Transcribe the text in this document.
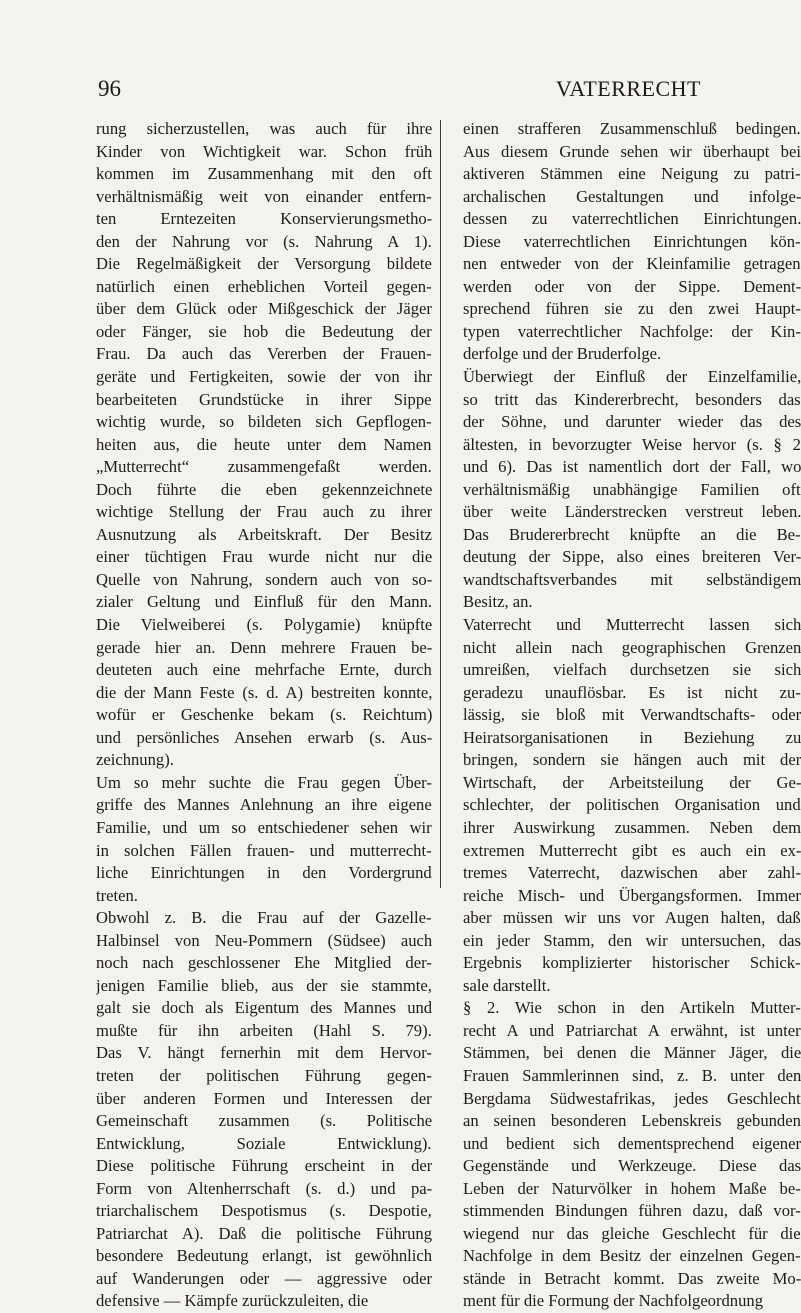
96	VATERRECHT
rung sicherzustellen, was auch für ihre
Kinder von Wichtigkeit war. Schon früh
kommen im Zusammenhang mit den oft
verhältnismäßig weit von einander entfern-
ten Erntezeiten Konservierungsmetho-
den der Nahrung vor (s. Nahrung A 1).
Die Regelmäßigkeit der Versorgung bildete
natürlich einen erheblichen Vorteil gegen-
über dem Glück oder Mißgeschick der Jäger
oder Fänger, sie hob die Bedeutung der
Frau. Da auch das Vererben der Frauen-
geräte und Fertigkeiten, sowie der von ihr
bearbeiteten Grundstücke in ihrer Sippe
wichtig wurde, so bildeten sich Gepflogen-
heiten aus, die heute unter dem Namen
„Mutterrecht“ zusammengefaßt werden.
Doch führte die eben gekennzeichnete
wichtige Stellung der Frau auch zu ihrer
Ausnutzung als Arbeitskraft. Der Besitz
einer tüchtigen Frau wurde nicht nur die
Quelle von Nahrung, sondern auch von so-
zialer Geltung und Einfluß für den Mann.
Die Vielweiberei (s. Polygamie) knüpfte
gerade hier an. Denn mehrere Frauen be-
deuteten auch eine mehrfache Ernte, durch
die der Mann Feste (s. d. A) bestreiten konnte,
wofür er Geschenke bekam (s. Reichtum)
und persönliches Ansehen erwarb (s. Aus-
zeichnung).
Um so mehr suchte die Frau gegen Über-
griffe des Mannes Anlehnung an ihre eigene
Familie, und um so entschiedener sehen wir
in solchen Fällen frauen- und mutterrecht-
liche Einrichtungen in den Vordergrund
treten.
Obwohl z. B. die Frau auf der Gazelle-
Halbinsel von Neu-Pommern (Südsee) auch
noch nach geschlossener Ehe Mitglied der-
jenigen Familie blieb, aus der sie stammte,
galt sie doch als Eigentum des Mannes und
mußte für ihn arbeiten (Hahl S. 79).
Das V. hängt fernerhin mit dem Hervor-
treten der politischen Führung gegen-
über anderen Formen und Interessen der
Gemeinschaft zusammen (s. Politische
Entwicklung, Soziale Entwicklung).
Diese politische Führung erscheint in der
Form von Altenherrschaft (s. d.) und pa-
triarchalischem Despotismus (s. Despotie,
Patriarchat A). Daß die politische Führung
besondere Bedeutung erlangt, ist gewöhnlich
auf Wanderungen oder — aggressive oder
defensive — Kämpfe zurückzuleiten, die
einen strafferen Zusammenschluß bedingen.
Aus diesem Grunde sehen wir überhaupt bei
aktiveren Stämmen eine Neigung zu patri-
archalischen Gestaltungen und infolge-
dessen zu vaterrechtlichen Einrichtungen.
Diese vaterrechtlichen Einrichtungen kön-
nen entweder von der Kleinfamilie getragen
werden oder von der Sippe. Dement-
sprechend führen sie zu den zwei Haupt-
typen vaterrechtlicher Nachfolge: der Kin-
derfolge und der Bruderfolge.
Überwiegt der Einfluß der Einzelfamilie,
so tritt das Kindererbrecht, besonders das
der Söhne, und darunter wieder das des
ältesten, in bevorzugter Weise hervor (s. § 2
und 6). Das ist namentlich dort der Fall, wo
verhältnismäßig unabhängige Familien oft
über weite Länderstrecken verstreut leben.
Das Brudererbrecht knüpfte an die Be-
deutung der Sippe, also eines breiteren Ver-
wandtschaftsverbandes mit selbständigem
Besitz, an.
Vaterrecht und Mutterrecht lassen sich
nicht allein nach geographischen Grenzen
umreißen, vielfach durchsetzen sie sich
geradezu unauflösbar. Es ist nicht zu-
lässig, sie bloß mit Verwandtschafts- oder
Heiratsorganisationen in Beziehung zu
bringen, sondern sie hängen auch mit der
Wirtschaft, der Arbeitsteilung der Ge-
schlechter, der politischen Organisation und
ihrer Auswirkung zusammen. Neben dem
extremen Mutterrecht gibt es auch ein ex-
tremes Vaterrecht, dazwischen aber zahl-
reiche Misch- und Übergangsformen. Immer
aber müssen wir uns vor Augen halten, daß
ein jeder Stamm, den wir untersuchen, das
Ergebnis komplizierter historischer Schick-
sale darstellt.
§ 2. Wie schon in den Artikeln Mutter-
recht A und Patriarchat A erwähnt, ist unter
Stämmen, bei denen die Männer Jäger, die
Frauen Sammlerinnen sind, z. B. unter den
Bergdama Südwestafrikas, jedes Geschlecht
an seinen besonderen Lebenskreis gebunden
und bedient sich dementsprechend eigener
Gegenstände und Werkzeuge. Diese das
Leben der Naturvölker in hohem Maße be-
stimmenden Bindungen führen dazu, daß vor-
wiegend nur das gleiche Geschlecht für die
Nachfolge in dem Besitz der einzelnen Gegen-
stände in Betracht kommt. Das zweite Mo-
ment für die Formung der Nachfolgeordnung
